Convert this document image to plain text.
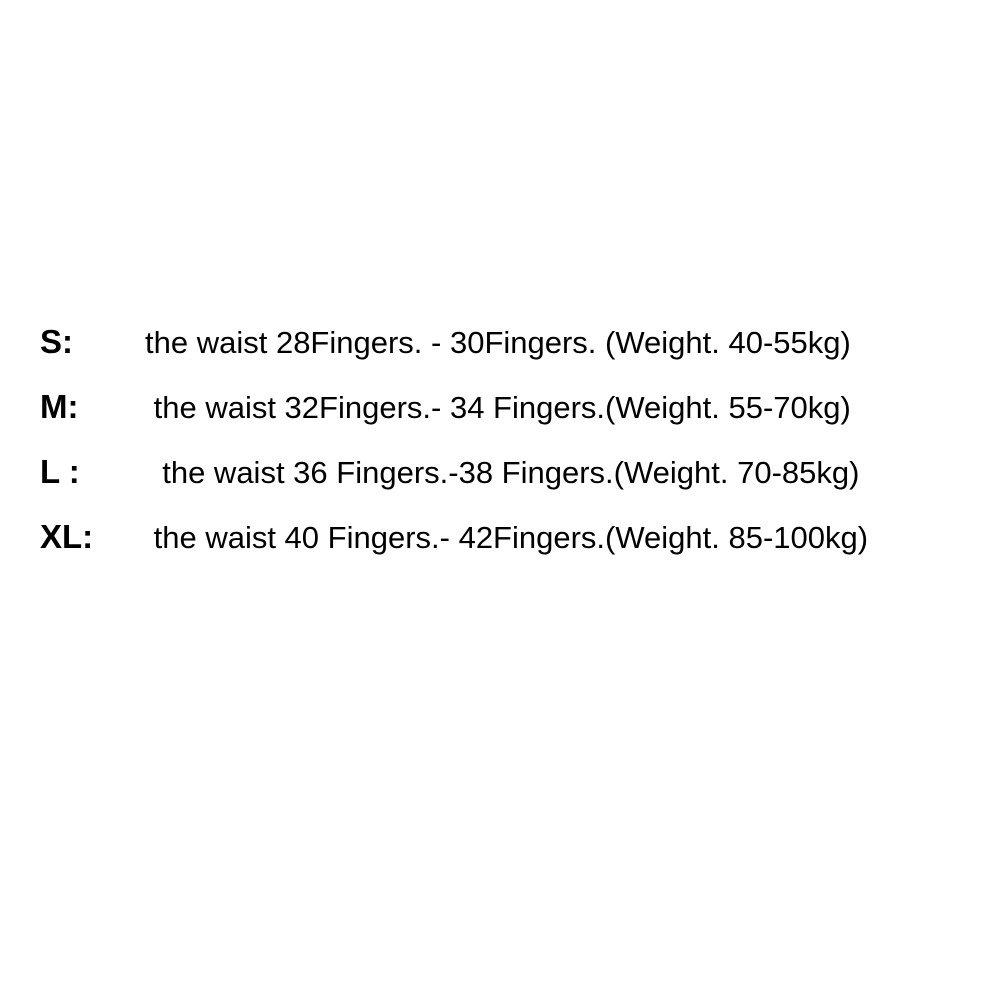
S:	the waist 28Fingers. - 30Fingers. (Weight. 40-55kg)
M:	the waist 32Fingers.- 34 Fingers.(Weight. 55-70kg)
L :	the waist 36 Fingers.-38 Fingers.(Weight. 70-85kg)
XL:	the waist 40 Fingers.- 42Fingers.(Weight. 85-100kg)
